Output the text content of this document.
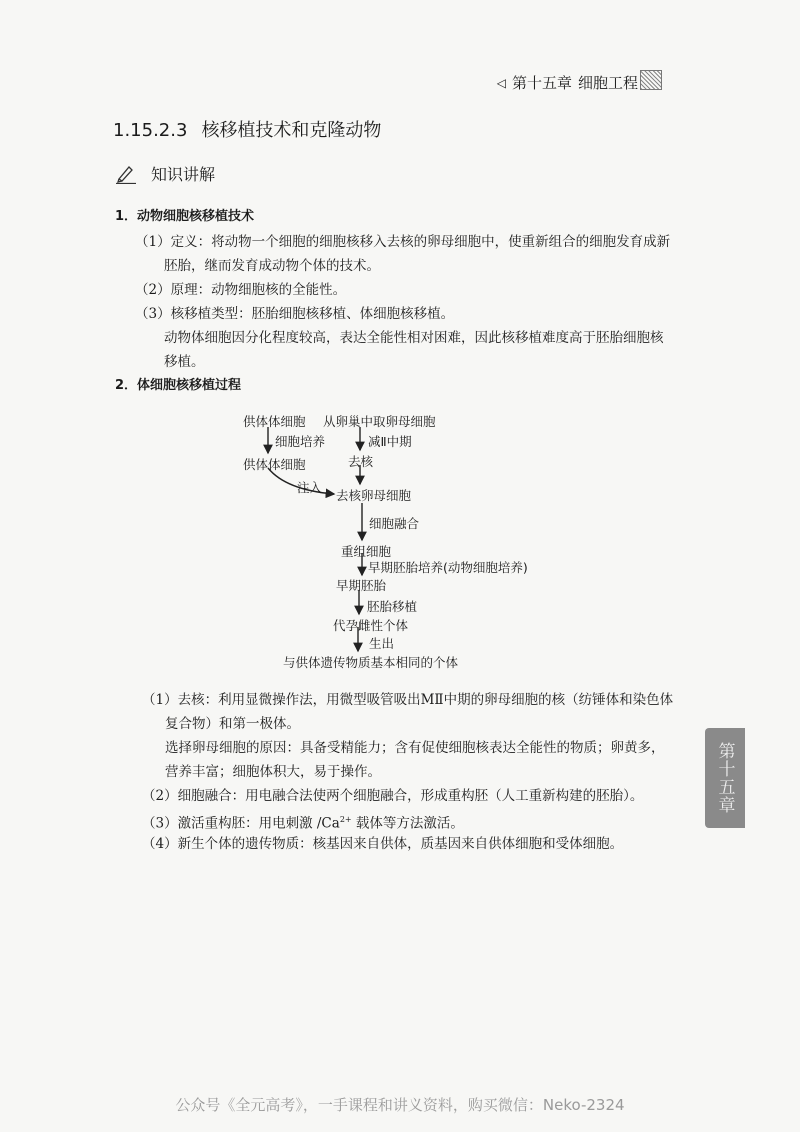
◁ 第十五章 细胞工程
1.15.2.3 核移植技术和克隆动物
知识讲解
1．动物细胞核移植技术
（1）定义：将动物一个细胞的细胞核移入去核的卵母细胞中，使重新组合的细胞发育成新
胚胎，继而发育成动物个体的技术。
（2）原理：动物细胞核的全能性。
（3）核移植类型：胚胎细胞核移植、体细胞核移植。
动物体细胞因分化程度较高，表达全能性相对困难，因此核移植难度高于胚胎细胞核
移植。
2．体细胞核移植过程
供体体细胞 从卵巢中取卵母细胞
细胞培养	减Ⅱ中期
供体体细胞	去核
注入
去核卵母细胞
细胞融合
重组细胞
早期胚胎培养(动物细胞培养)
早期胚胎
胚胎移植
代孕雌性个体
生出
与供体遗传物质基本相同的个体
（1）去核：利用显微操作法，用微型吸管吸出MⅡ中期的卵母细胞的核（纺锤体和染色体
复合物）和第一极体。
选择卵母细胞的原因：具备受精能力；含有促使细胞核表达全能性的物质；卵黄多，
营养丰富；细胞体积大，易于操作。
（2）细胞融合：用电融合法使两个细胞融合，形成重构胚（人工重新构建的胚胎）。
（3）激活重构胚：用电刺激 $/Ca^{2+}$ 载体等方法激活。
（4）新生个体的遗传物质：核基因来自供体，质基因来自供体细胞和受体细胞。
第十五章
公众号《全元高考》，一手课程和讲义资料，购买微信：Neko-2324
